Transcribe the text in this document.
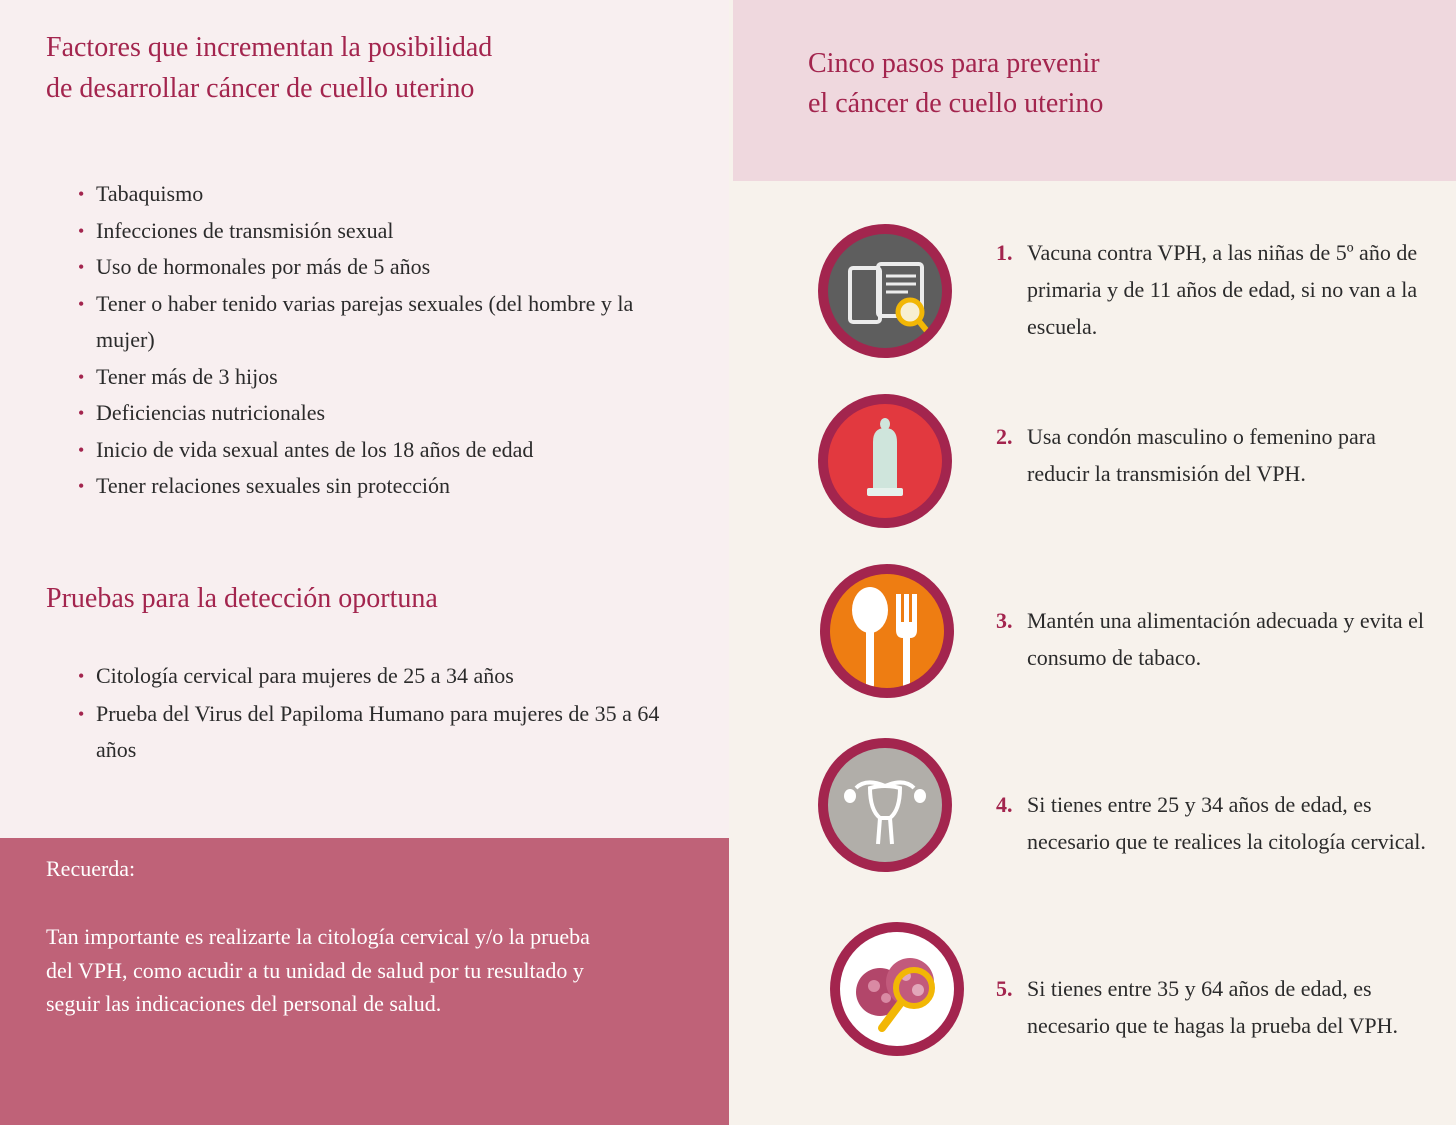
Factores que incrementan la posibilidad
de desarrollar cáncer de cuello uterino
• Tabaquismo
• Infecciones de transmisión sexual
• Uso de hormonales por más de 5 años
• Tener o haber tenido varias parejas sexuales (del hombre y la mujer)
• Tener más de 3 hijos
• Deficiencias nutricionales
• Inicio de vida sexual antes de los 18 años de edad
• Tener relaciones sexuales sin protección
Pruebas para la detección oportuna
• Citología cervical para mujeres de 25 a 34 años
• Prueba del Virus del Papiloma Humano para mujeres de 35 a 64 años
Recuerda:
Tan importante es realizarte la citología cervical y/o la prueba del VPH, como acudir a tu unidad de salud por tu resultado y seguir las indicaciones del personal de salud.
Cinco pasos para prevenir
el cáncer de cuello uterino
1. Vacuna contra VPH, a las niñas de 5º año de primaria y de 11 años de edad, si no van a la escuela.
2. Usa condón masculino o femenino para reducir la transmisión del VPH.
3. Mantén una alimentación adecuada y evita el consumo de tabaco.
4. Si tienes entre 25 y 34 años de edad, es necesario que te realices la citología cervical.
5. Si tienes entre 35 y 64 años de edad, es necesario que te hagas la prueba del VPH.
